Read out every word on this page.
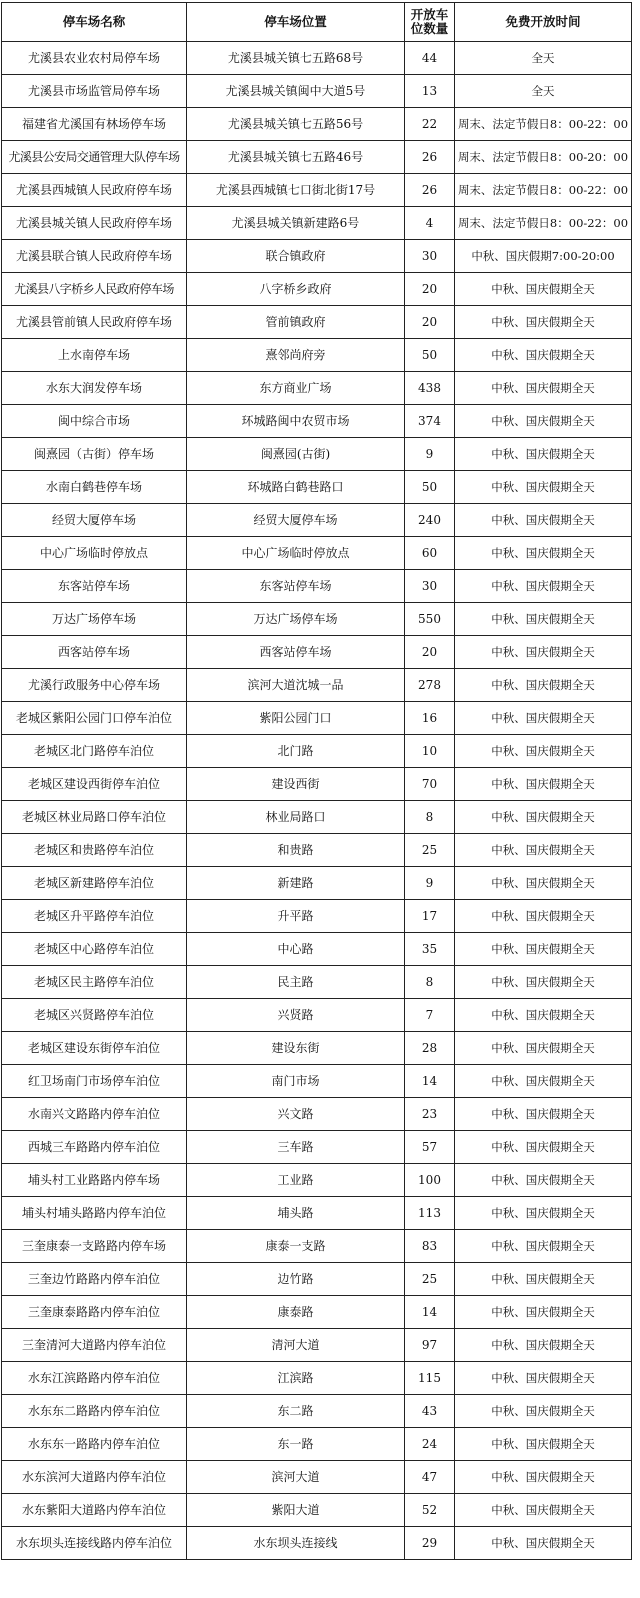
停车场名称	停车场位置	开放车位数量	免费开放时间
尤溪县农业农村局停车场	尤溪县城关镇七五路68号	44	全天
尤溪县市场监管局停车场	尤溪县城关镇闽中大道5号	13	全天
福建省尤溪国有林场停车场	尤溪县城关镇七五路56号	22	周末、法定节假日8：00-22：00
尤溪县公安局交通管理大队停车场	尤溪县城关镇七五路46号	26	周末、法定节假日8：00-20：00
尤溪县西城镇人民政府停车场	尤溪县西城镇七口街北街17号	26	周末、法定节假日8：00-22：00
尤溪县城关镇人民政府停车场	尤溪县城关镇新建路6号	4	周末、法定节假日8：00-22：00
尤溪县联合镇人民政府停车场	联合镇政府	30	中秋、国庆假期7:00-20:00
尤溪县八字桥乡人民政府停车场	八字桥乡政府	20	中秋、国庆假期全天
尤溪县管前镇人民政府停车场	管前镇政府	20	中秋、国庆假期全天
上水南停车场	熹邻尚府旁	50	中秋、国庆假期全天
水东大润发停车场	东方商业广场	438	中秋、国庆假期全天
闽中综合市场	环城路闽中农贸市场	374	中秋、国庆假期全天
闽熹园（古街）停车场	闽熹园(古街)	9	中秋、国庆假期全天
水南白鹤巷停车场	环城路白鹤巷路口	50	中秋、国庆假期全天
经贸大厦停车场	经贸大厦停车场	240	中秋、国庆假期全天
中心广场临时停放点	中心广场临时停放点	60	中秋、国庆假期全天
东客站停车场	东客站停车场	30	中秋、国庆假期全天
万达广场停车场	万达广场停车场	550	中秋、国庆假期全天
西客站停车场	西客站停车场	20	中秋、国庆假期全天
尤溪行政服务中心停车场	滨河大道沈城一品	278	中秋、国庆假期全天
老城区紫阳公园门口停车泊位	紫阳公园门口	16	中秋、国庆假期全天
老城区北门路停车泊位	北门路	10	中秋、国庆假期全天
老城区建设西街停车泊位	建设西街	70	中秋、国庆假期全天
老城区林业局路口停车泊位	林业局路口	8	中秋、国庆假期全天
老城区和贵路停车泊位	和贵路	25	中秋、国庆假期全天
老城区新建路停车泊位	新建路	9	中秋、国庆假期全天
老城区升平路停车泊位	升平路	17	中秋、国庆假期全天
老城区中心路停车泊位	中心路	35	中秋、国庆假期全天
老城区民主路停车泊位	民主路	8	中秋、国庆假期全天
老城区兴贤路停车泊位	兴贤路	7	中秋、国庆假期全天
老城区建设东街停车泊位	建设东街	28	中秋、国庆假期全天
红卫场南门市场停车泊位	南门市场	14	中秋、国庆假期全天
水南兴文路路内停车泊位	兴文路	23	中秋、国庆假期全天
西城三车路路内停车泊位	三车路	57	中秋、国庆假期全天
埔头村工业路路内停车场	工业路	100	中秋、国庆假期全天
埔头村埔头路路内停车泊位	埔头路	113	中秋、国庆假期全天
三奎康泰一支路路内停车场	康泰一支路	83	中秋、国庆假期全天
三奎边竹路路内停车泊位	边竹路	25	中秋、国庆假期全天
三奎康泰路路内停车泊位	康泰路	14	中秋、国庆假期全天
三奎清河大道路内停车泊位	清河大道	97	中秋、国庆假期全天
水东江滨路路内停车泊位	江滨路	115	中秋、国庆假期全天
水东东二路路内停车泊位	东二路	43	中秋、国庆假期全天
水东东一路路内停车泊位	东一路	24	中秋、国庆假期全天
水东滨河大道路内停车泊位	滨河大道	47	中秋、国庆假期全天
水东紫阳大道路内停车泊位	紫阳大道	52	中秋、国庆假期全天
水东坝头连接线路内停车泊位	水东坝头连接线	29	中秋、国庆假期全天
